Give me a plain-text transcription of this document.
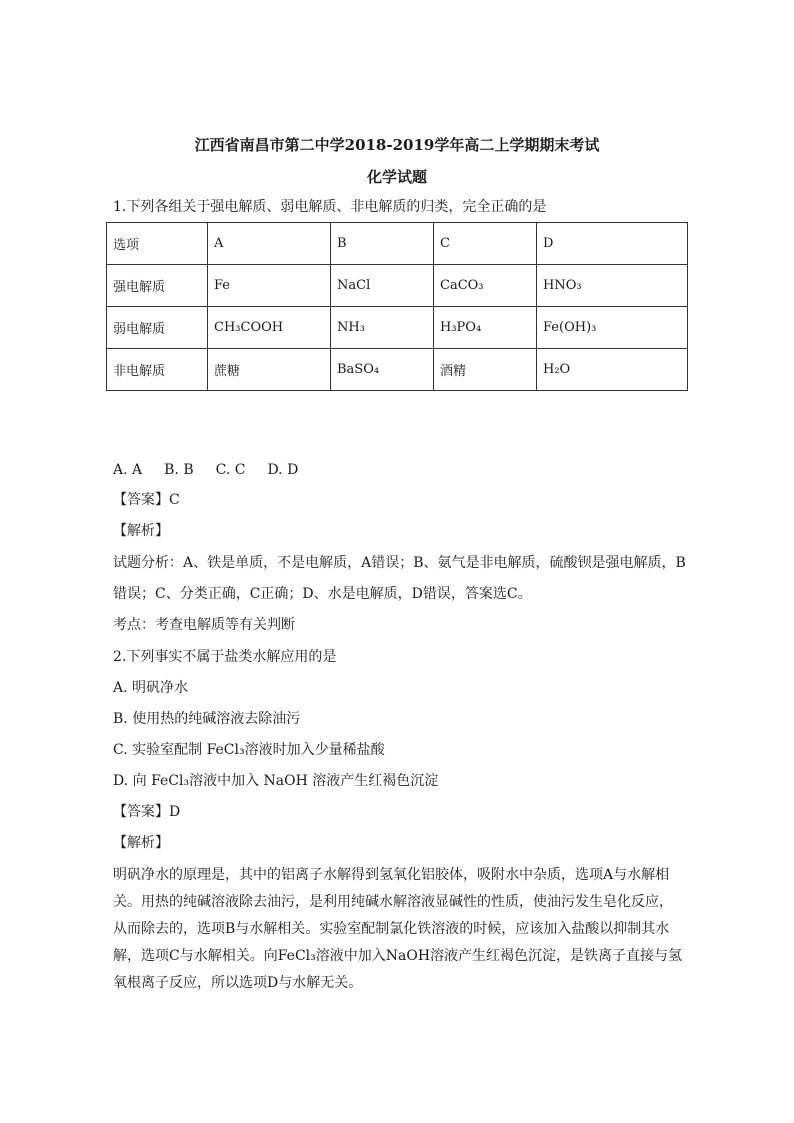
江西省南昌市第二中学2018-2019学年高二上学期期末考试
化学试题
1.下列各组关于强电解质、弱电解质、非电解质的归类，完全正确的是
选项	A	B	C	D
强电解质	Fe	NaCl	CaCO₃	HNO₃
弱电解质	CH₃COOH	NH₃	H₃PO₄	Fe(OH)₃
非电解质	蔗糖	BaSO₄	酒精	H₂O
A. A B. B C. C D. D
【答案】C
【解析】
试题分析：A、铁是单质，不是电解质，A错误；B、氨气是非电解质，硫酸钡是强电解质，B
错误；C、分类正确，C正确；D、水是电解质，D错误，答案选C。
考点：考查电解质等有关判断
2.下列事实不属于盐类水解应用的是
A. 明矾净水
B. 使用热的纯碱溶液去除油污
C. 实验室配制 FeCl₃溶液时加入少量稀盐酸
D. 向 FeCl₃溶液中加入 NaOH 溶液产生红褐色沉淀
【答案】D
【解析】
明矾净水的原理是，其中的铝离子水解得到氢氧化铝胶体，吸附水中杂质，选项A与水解相
关。用热的纯碱溶液除去油污，是利用纯碱水解溶液显碱性的性质，使油污发生皂化反应，
从而除去的，选项B与水解相关。实验室配制氯化铁溶液的时候，应该加入盐酸以抑制其水
解，选项C与水解相关。向FeCl₃溶液中加入NaOH溶液产生红褐色沉淀，是铁离子直接与氢
氧根离子反应，所以选项D与水解无关。
